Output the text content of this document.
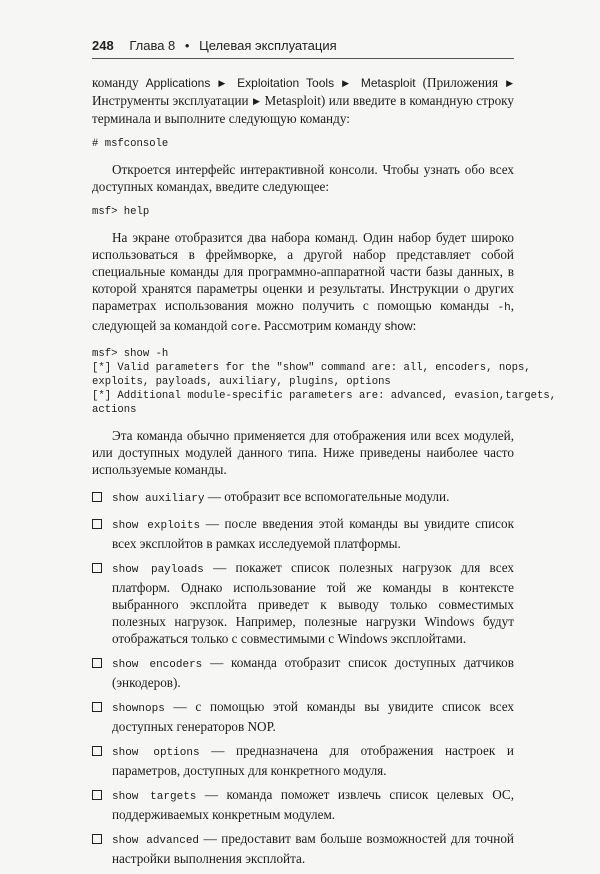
248 Глава 8 • Целевая эксплуатация

команду Applications ▶ Exploitation Tools ▶ Metasploit (Приложения ▶ Инструменты эксплуатации ▶ Metasploit) или введите в командную строку терминала и выполните следующую команду:

# msfconsole

Откроется интерфейс интерактивной консоли. Чтобы узнать обо всех доступных командах, введите следующее:

msf> help

На экране отобразится два набора команд. Один набор будет широко использоваться в фреймворке, а другой набор представляет собой специальные команды для программно-аппаратной части базы данных, в которой хранятся параметры оценки и результаты. Инструкции о других параметрах использования можно получить с помощью команды -h, следующей за командой core. Рассмотрим команду show:

msf> show -h
[*] Valid parameters for the "show" command are: all, encoders, nops,
exploits, payloads, auxiliary, plugins, options
[*] Additional module-specific parameters are: advanced, evasion,targets,
actions

Эта команда обычно применяется для отображения или всех модулей, или доступных модулей данного типа. Ниже приведены наиболее часто используемые команды.

show auxiliary — отобразит все вспомогательные модули.
show exploits — после введения этой команды вы увидите список всех эксплойтов в рамках исследуемой платформы.
show payloads — покажет список полезных нагрузок для всех платформ. Однако использование той же команды в контексте выбранного эксплойта приведет к выводу только совместимых полезных нагрузок. Например, полезные нагрузки Windows будут отображаться только с совместимыми с Windows эксплойтами.
show encoders — команда отобразит список доступных датчиков (энкодеров).
shownops — с помощью этой команды вы увидите список всех доступных генераторов NOP.
show options — предназначена для отображения настроек и параметров, доступных для конкретного модуля.
show targets — команда поможет извлечь список целевых ОС, поддерживаемых конкретным модулем.
show advanced — предоставит вам больше возможностей для точной настройки выполнения эксплойта.
